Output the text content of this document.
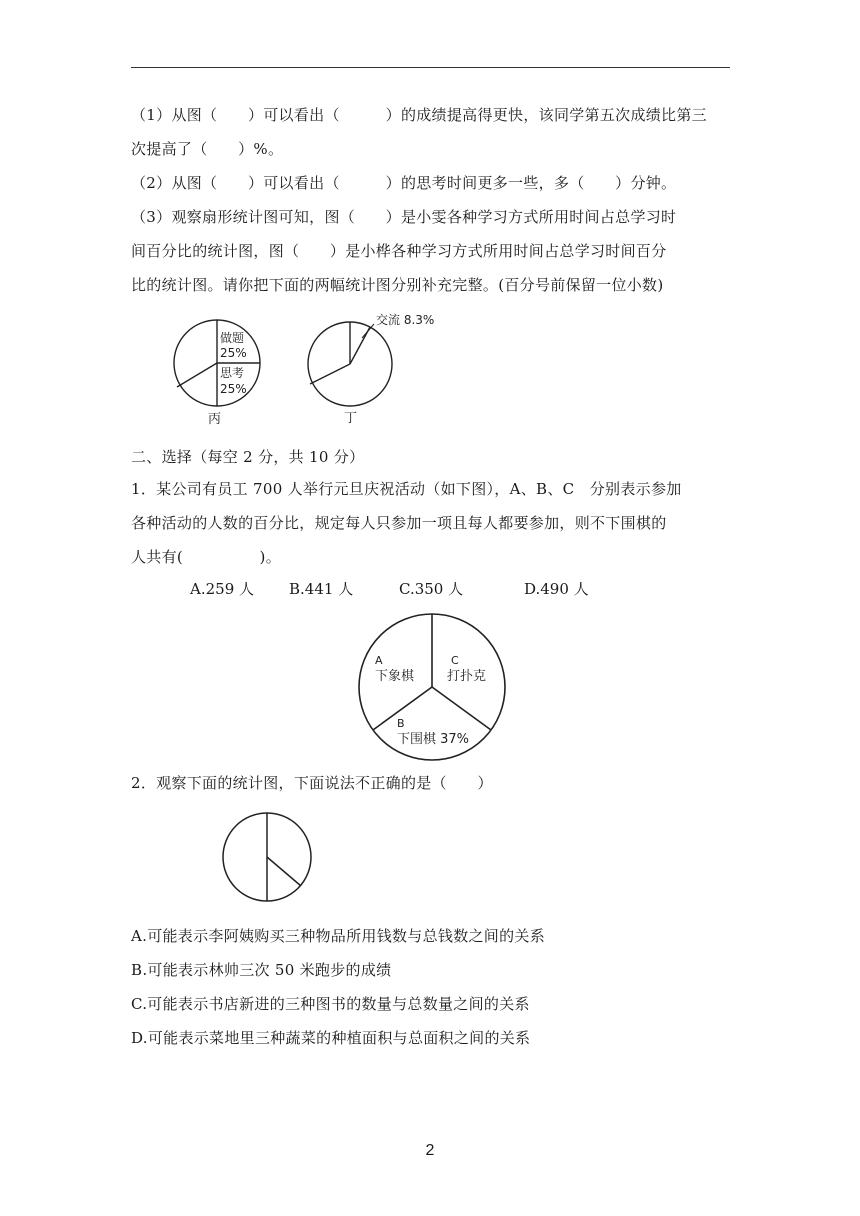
（1）从图（　　）可以看出（　　　）的成绩提高得更快，该同学第五次成绩比第三
次提高了（　　）%。
（2）从图（　　）可以看出（　　　）的思考时间更多一些，多（　　）分钟。
（3）观察扇形统计图可知，图（　　）是小雯各种学习方式所用时间占总学习时
间百分比的统计图，图（　　）是小桦各种学习方式所用时间占总学习时间百分
比的统计图。请你把下面的两幅统计图分别补充完整。(百分号前保留一位小数)
做题
25%
思考
25%
丙
交流 8.3%
丁
二、选择（每空 2 分，共 10 分）
1．某公司有员工 700 人举行元旦庆祝活动（如下图），A、B、C　分别表示参加
各种活动的人数的百分比，规定每人只参加一项且每人都要参加，则不下围棋的
人共有(　　　　　)。
A.259 人 B.441 人	C.350 人	D.490 人
A
下象棋
C
打扑克
B
下围棋 37%
2．观察下面的统计图，下面说法不正确的是（　　）
A.可能表示李阿姨购买三种物品所用钱数与总钱数之间的关系
B.可能表示林帅三次 50 米跑步的成绩
C.可能表示书店新进的三种图书的数量与总数量之间的关系
D.可能表示菜地里三种蔬菜的种植面积与总面积之间的关系
2
